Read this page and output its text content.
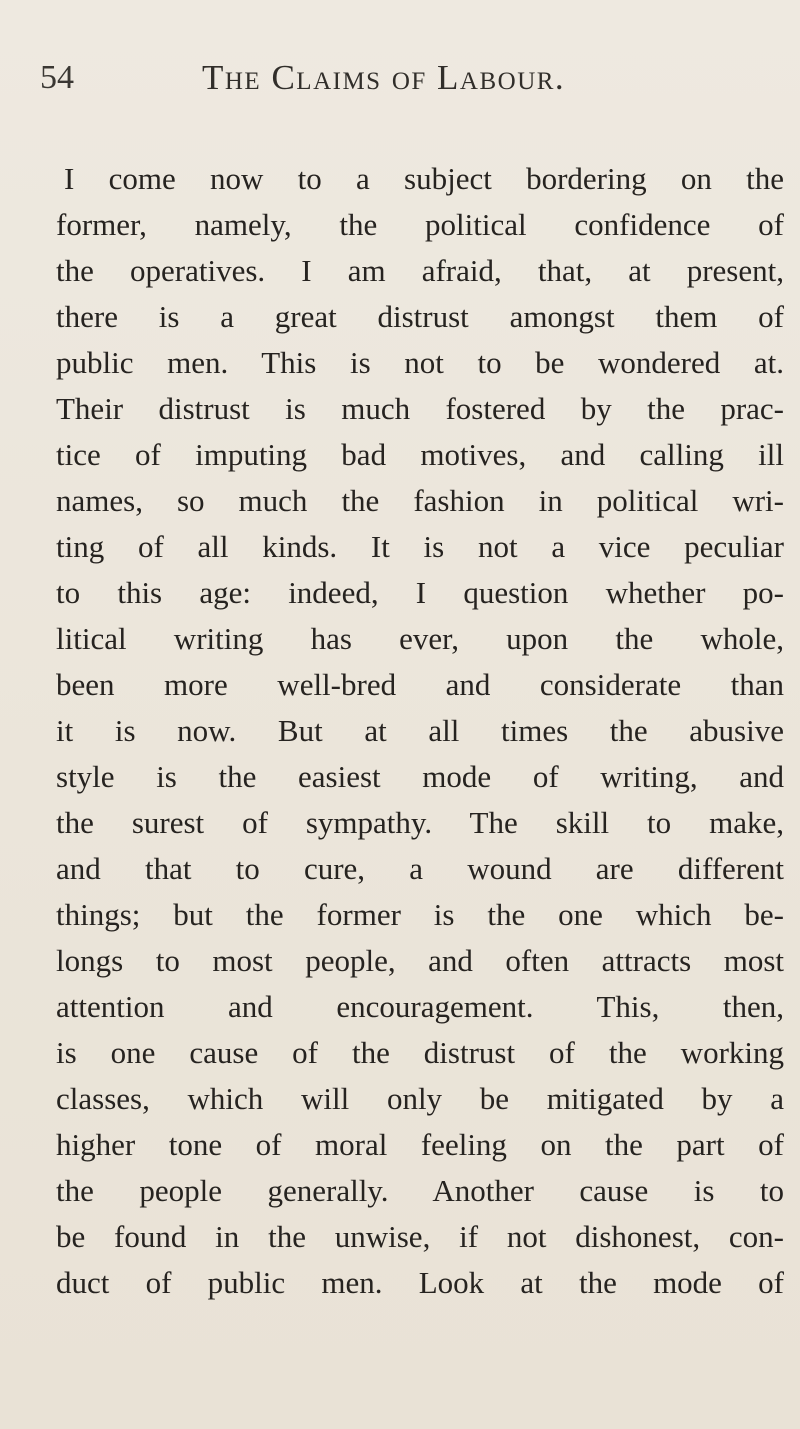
54	The Claims of Labour.
I come now to a subject bordering on the
former, namely, the political confidence of
the operatives. I am afraid, that, at present,
there is a great distrust amongst them of
public men. This is not to be wondered at.
Their distrust is much fostered by the prac-
tice of imputing bad motives, and calling ill
names, so much the fashion in political wri-
ting of all kinds. It is not a vice peculiar
to this age: indeed, I question whether po-
litical writing has ever, upon the whole,
been more well-bred and considerate than
it is now. But at all times the abusive
style is the easiest mode of writing, and
the surest of sympathy. The skill to make,
and that to cure, a wound are different
things; but the former is the one which be-
longs to most people, and often attracts most
attention and encouragement. This, then,
is one cause of the distrust of the working
classes, which will only be mitigated by a
higher tone of moral feeling on the part of
the people generally. Another cause is to
be found in the unwise, if not dishonest, con-
duct of public men. Look at the mode of
